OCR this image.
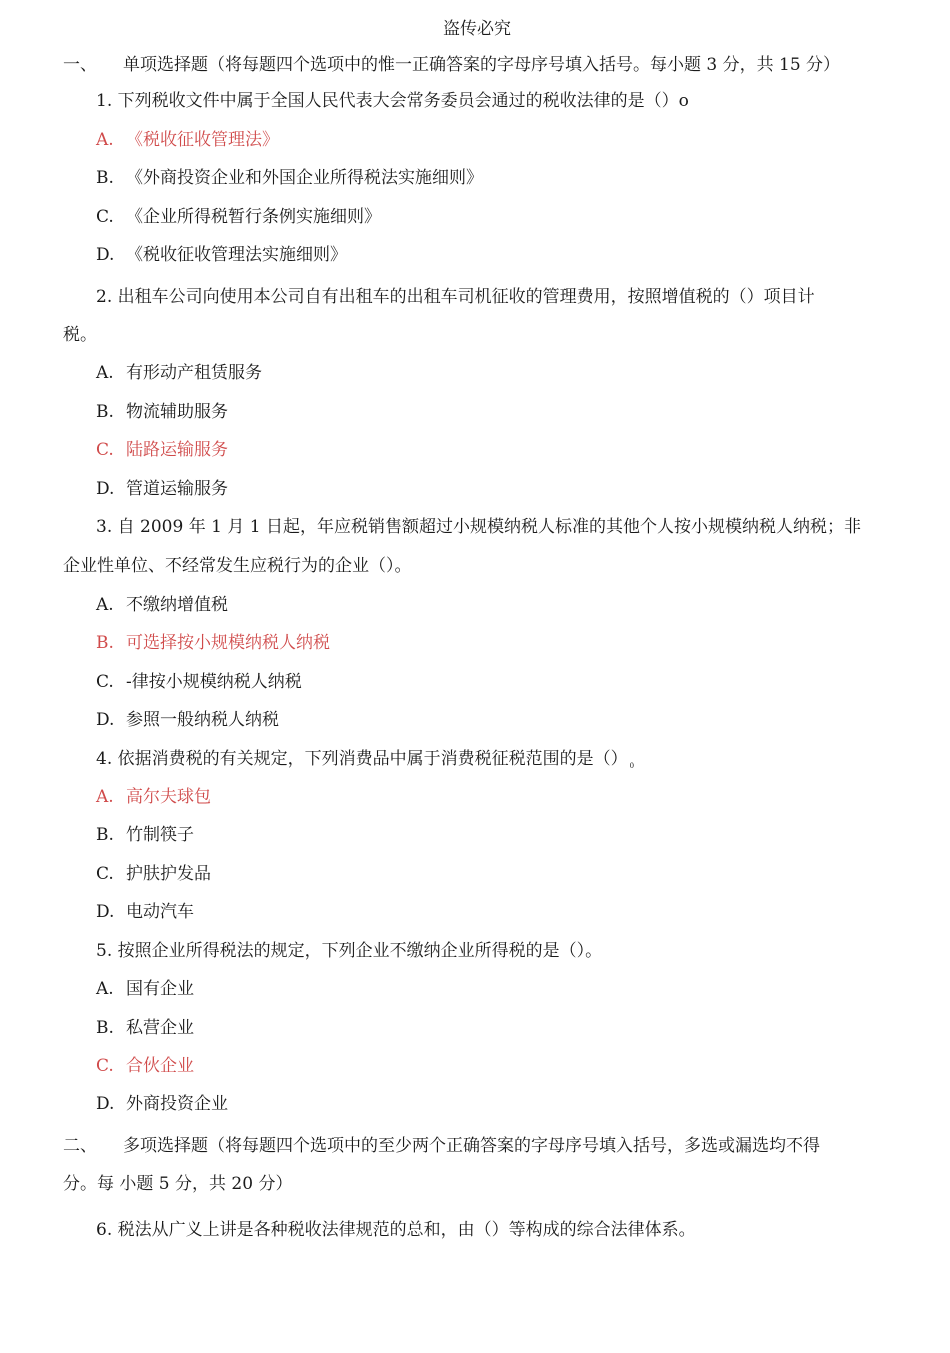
盗传必究
一、 单项选择题（将每题四个选项中的惟一正确答案的字母序号填入括号。每小题 3 分，共 15 分）
1. 下列税收文件中属于全国人民代表大会常务委员会通过的税收法律的是（）o
A. 《税收征收管理法》
B. 《外商投资企业和外国企业所得税法实施细则》
C. 《企业所得税暂行条例实施细则》
D. 《税收征收管理法实施细则》
2. 出租车公司向使用本公司自有出租车的出租车司机征收的管理费用，按照增值税的（）项目计
税。
A. 有形动产租赁服务
B. 物流辅助服务
C. 陆路运输服务
D. 管道运输服务
3. 自 2009 年 1 月 1 日起，年应税销售额超过小规模纳税人标准的其他个人按小规模纳税人纳税；非
企业性单位、不经常发生应税行为的企业（）。
A. 不缴纳增值税
B. 可选择按小规模纳税人纳税
C. -律按小规模纳税人纳税
D. 参照一般纳税人纳税
4. 依据消费税的有关规定，下列消费品中属于消费税征税范围的是（） $_0$
A. 高尔夫球包
B. 竹制筷子
C. 护肤护发品
D. 电动汽车
5. 按照企业所得税法的规定，下列企业不缴纳企业所得税的是（）。
A. 国有企业
B. 私营企业
C. 合伙企业
D. 外商投资企业
二、 多项选择题（将每题四个选项中的至少两个正确答案的字母序号填入括号，多选或漏选均不得
分。每 小题 5 分，共 20 分）
6. 税法从广义上讲是各种税收法律规范的总和，由（）等构成的综合法律体系。
